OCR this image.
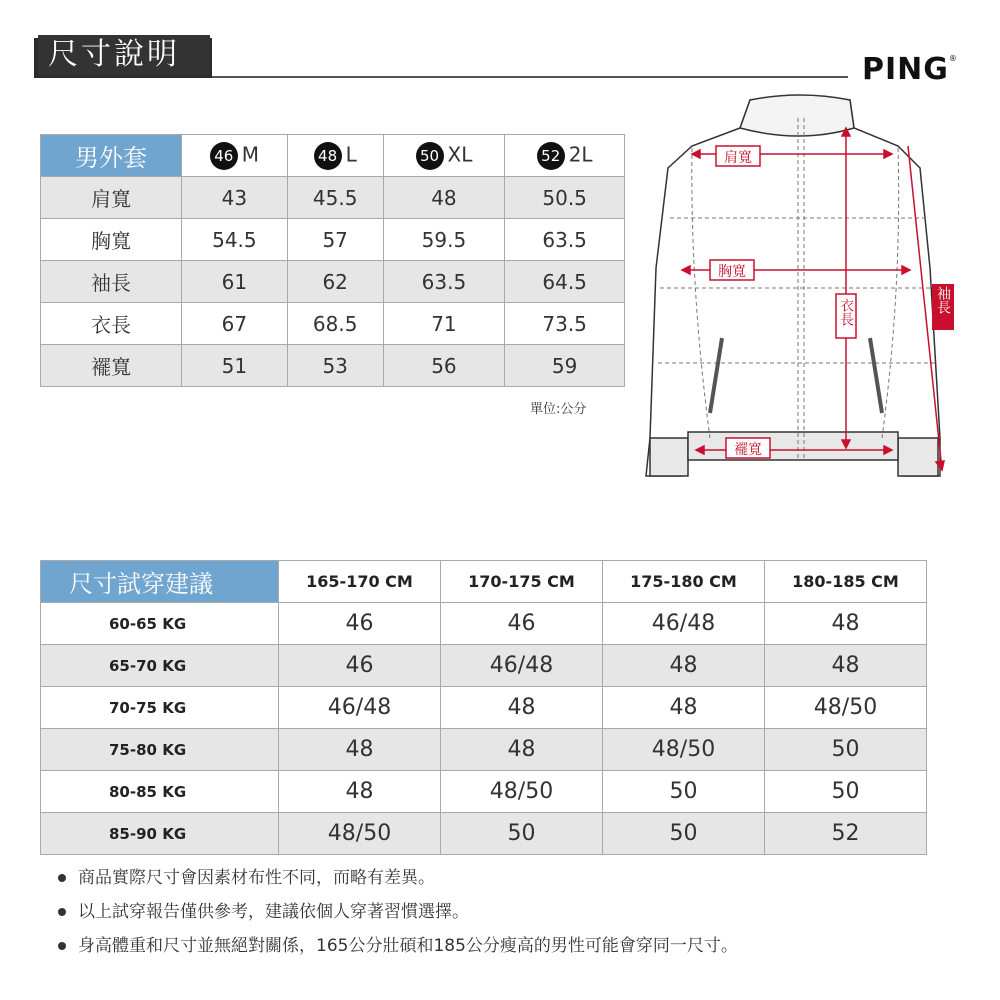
尺寸說明	PING®
男外套	46 M	48 L	50 XL	52 2L
肩寬	43	45.5	48	50.5
胸寬	54.5	57	59.5	63.5
袖長	61	62	63.5	64.5
衣長	67	68.5	71	73.5
襬寬	51	53	56	59
單位:公分
肩寬
胸寬
衣長	袖長
襬寬
尺寸試穿建議	165-170 CM	170-175 CM	175-180 CM	180-185 CM
60-65 KG	46	46	46/48	48
65-70 KG	46	46/48	48	48
70-75 KG	46/48	48	48	48/50
75-80 KG	48	48	48/50	50
80-85 KG	48	48/50	50	50
85-90 KG	48/50	50	50	52
商品實際尺寸會因素材布性不同，而略有差異。
以上試穿報告僅供參考，建議依個人穿著習慣選擇。
身高體重和尺寸並無絕對關係，165公分壯碩和185公分瘦高的男性可能會穿同一尺寸。
